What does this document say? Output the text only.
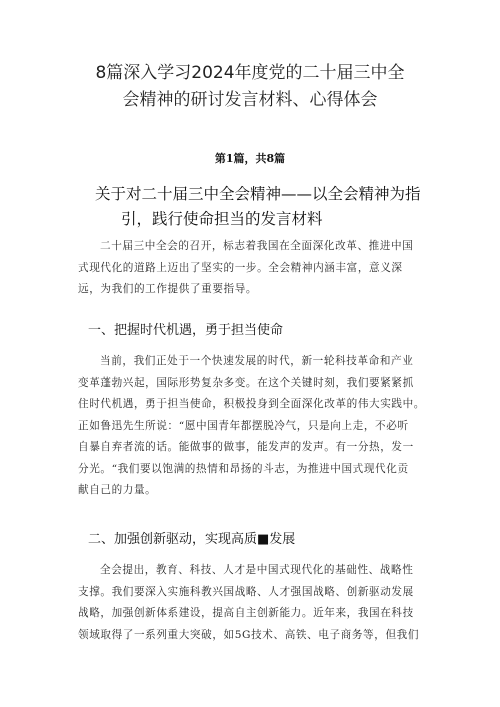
8篇深入学习2024年度党的二十届三中全
会精神的研讨发言材料、心得体会
第1篇，共8篇
关于对二十届三中全会精神——以全会精神为指
引，践行使命担当的发言材料
二十届三中全会的召开，标志着我国在全面深化改革、推进中国
式现代化的道路上迈出了坚实的一步。全会精神内涵丰富，意义深
远，为我们的工作提供了重要指导。
一、把握时代机遇，勇于担当使命
当前，我们正处于一个快速发展的时代，新一轮科技革命和产业
变革蓬勃兴起，国际形势复杂多变。在这个关键时刻，我们要紧紧抓
住时代机遇，勇于担当使命，积极投身到全面深化改革的伟大实践中。
正如鲁迅先生所说：“愿中国青年都摆脱冷气，只是向上走，不必听
自暴自弃者流的话。能做事的做事，能发声的发声。有一分热，发一
分光。“我们要以饱满的热情和昂扬的斗志，为推进中国式现代化贡
献自己的力量。
二、加强创新驱动，实现高质■发展
全会提出，教育、科技、人才是中国式现代化的基础性、战略性
支撑。我们要深入实施科教兴国战略、人才强国战略、创新驱动发展
战略，加强创新体系建设，提高自主创新能力。近年来，我国在科技
领域取得了一系列重大突破，如5G技术、高铁、电子商务等，但我们
